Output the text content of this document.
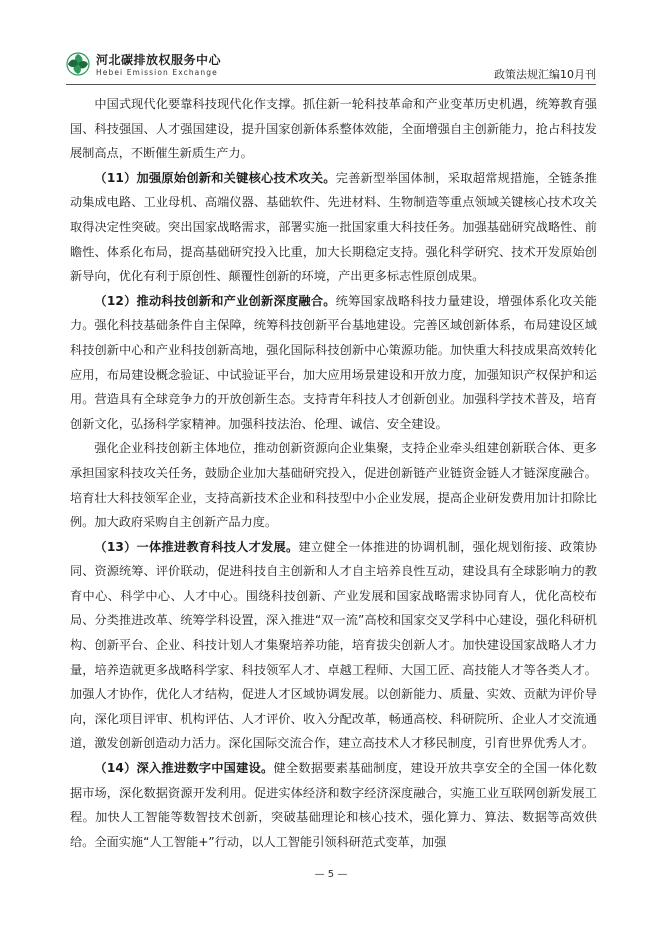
河北碳排放权服务中心
Hebei Emission Exchange	政策法规汇编10月刊

中国式现代化要靠科技现代化作支撑。抓住新一轮科技革命和产业变革历史机遇，统筹教育强国、科技强国、人才强国建设，提升国家创新体系整体效能，全面增强自主创新能力，抢占科技发展制高点，不断催生新质生产力。

（11）加强原始创新和关键核心技术攻关。完善新型举国体制，采取超常规措施，全链条推动集成电路、工业母机、高端仪器、基础软件、先进材料、生物制造等重点领域关键核心技术攻关取得决定性突破。突出国家战略需求，部署实施一批国家重大科技任务。加强基础研究战略性、前瞻性、体系化布局，提高基础研究投入比重，加大长期稳定支持。强化科学研究、技术开发原始创新导向，优化有利于原创性、颠覆性创新的环境，产出更多标志性原创成果。

（12）推动科技创新和产业创新深度融合。统筹国家战略科技力量建设，增强体系化攻关能力。强化科技基础条件自主保障，统筹科技创新平台基地建设。完善区域创新体系，布局建设区域科技创新中心和产业科技创新高地，强化国际科技创新中心策源功能。加快重大科技成果高效转化应用，布局建设概念验证、中试验证平台，加大应用场景建设和开放力度，加强知识产权保护和运用。营造具有全球竞争力的开放创新生态。支持青年科技人才创新创业。加强科学技术普及，培育创新文化，弘扬科学家精神。加强科技法治、伦理、诚信、安全建设。

强化企业科技创新主体地位，推动创新资源向企业集聚，支持企业牵头组建创新联合体、更多承担国家科技攻关任务，鼓励企业加大基础研究投入，促进创新链产业链资金链人才链深度融合。培育壮大科技领军企业，支持高新技术企业和科技型中小企业发展，提高企业研发费用加计扣除比例。加大政府采购自主创新产品力度。

（13）一体推进教育科技人才发展。建立健全一体推进的协调机制，强化规划衔接、政策协同、资源统筹、评价联动，促进科技自主创新和人才自主培养良性互动，建设具有全球影响力的教育中心、科学中心、人才中心。围绕科技创新、产业发展和国家战略需求协同育人，优化高校布局、分类推进改革、统筹学科设置，深入推进“双一流”高校和国家交叉学科中心建设，强化科研机构、创新平台、企业、科技计划人才集聚培养功能，培育拔尖创新人才。加快建设国家战略人才力量，培养造就更多战略科学家、科技领军人才、卓越工程师、大国工匠、高技能人才等各类人才。加强人才协作，优化人才结构，促进人才区域协调发展。以创新能力、质量、实效、贡献为评价导向，深化项目评审、机构评估、人才评价、收入分配改革，畅通高校、科研院所、企业人才交流通道，激发创新创造动力活力。深化国际交流合作，建立高技术人才移民制度，引育世界优秀人才。

（14）深入推进数字中国建设。健全数据要素基础制度，建设开放共享安全的全国一体化数据市场，深化数据资源开发利用。促进实体经济和数字经济深度融合，实施工业互联网创新发展工程。加快人工智能等数智技术创新，突破基础理论和核心技术，强化算力、算法、数据等高效供给。全面实施“人工智能+”行动，以人工智能引领科研范式变革，加强

— 5 —
